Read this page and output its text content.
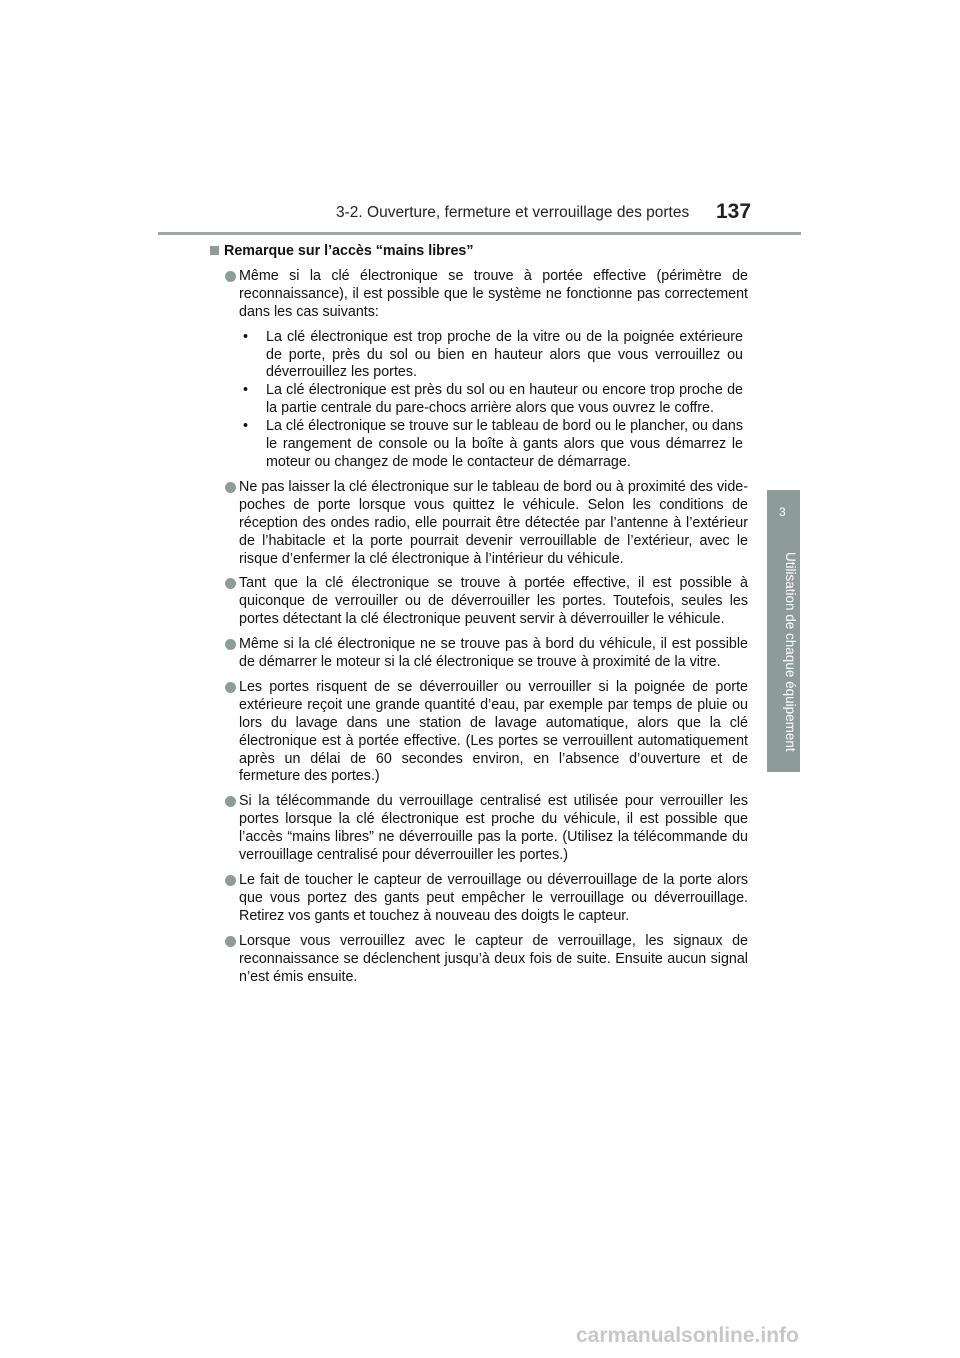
3-2. Ouverture, fermeture et verrouillage des portes 137
3
Utilisation de chaque équipement
Remarque sur l’accès “mains libres”
Même si la clé électronique se trouve à portée effective (périmètre de reconnaissance), il est possible que le système ne fonctionne pas correctement dans les cas suivants:
• La clé électronique est trop proche de la vitre ou de la poignée extérieure de porte, près du sol ou bien en hauteur alors que vous verrouillez ou déverrouillez les portes.
• La clé électronique est près du sol ou en hauteur ou encore trop proche de la partie centrale du pare-chocs arrière alors que vous ouvrez le coffre.
• La clé électronique se trouve sur le tableau de bord ou le plancher, ou dans le rangement de console ou la boîte à gants alors que vous démarrez le moteur ou changez de mode le contacteur de démarrage.
Ne pas laisser la clé électronique sur le tableau de bord ou à proximité des vide-poches de porte lorsque vous quittez le véhicule. Selon les conditions de réception des ondes radio, elle pourrait être détectée par l’antenne à l’extérieur de l’habitacle et la porte pourrait devenir verrouillable de l’extérieur, avec le risque d’enfermer la clé électronique à l’intérieur du véhicule.
Tant que la clé électronique se trouve à portée effective, il est possible à quiconque de verrouiller ou de déverrouiller les portes. Toutefois, seules les portes détectant la clé électronique peuvent servir à déverrouiller le véhicule.
Même si la clé électronique ne se trouve pas à bord du véhicule, il est possible de démarrer le moteur si la clé électronique se trouve à proximité de la vitre.
Les portes risquent de se déverrouiller ou verrouiller si la poignée de porte extérieure reçoit une grande quantité d’eau, par exemple par temps de pluie ou lors du lavage dans une station de lavage automatique, alors que la clé électronique est à portée effective. (Les portes se verrouillent automatiquement après un délai de 60 secondes environ, en l’absence d’ouverture et de fermeture des portes.)
Si la télécommande du verrouillage centralisé est utilisée pour verrouiller les portes lorsque la clé électronique est proche du véhicule, il est possible que l’accès “mains libres” ne déverrouille pas la porte. (Utilisez la télécommande du verrouillage centralisé pour déverrouiller les portes.)
Le fait de toucher le capteur de verrouillage ou déverrouillage de la porte alors que vous portez des gants peut empêcher le verrouillage ou déverrouillage. Retirez vos gants et touchez à nouveau des doigts le capteur.
Lorsque vous verrouillez avec le capteur de verrouillage, les signaux de reconnaissance se déclenchent jusqu’à deux fois de suite. Ensuite aucun signal n’est émis ensuite.
carmanualsonline.info
